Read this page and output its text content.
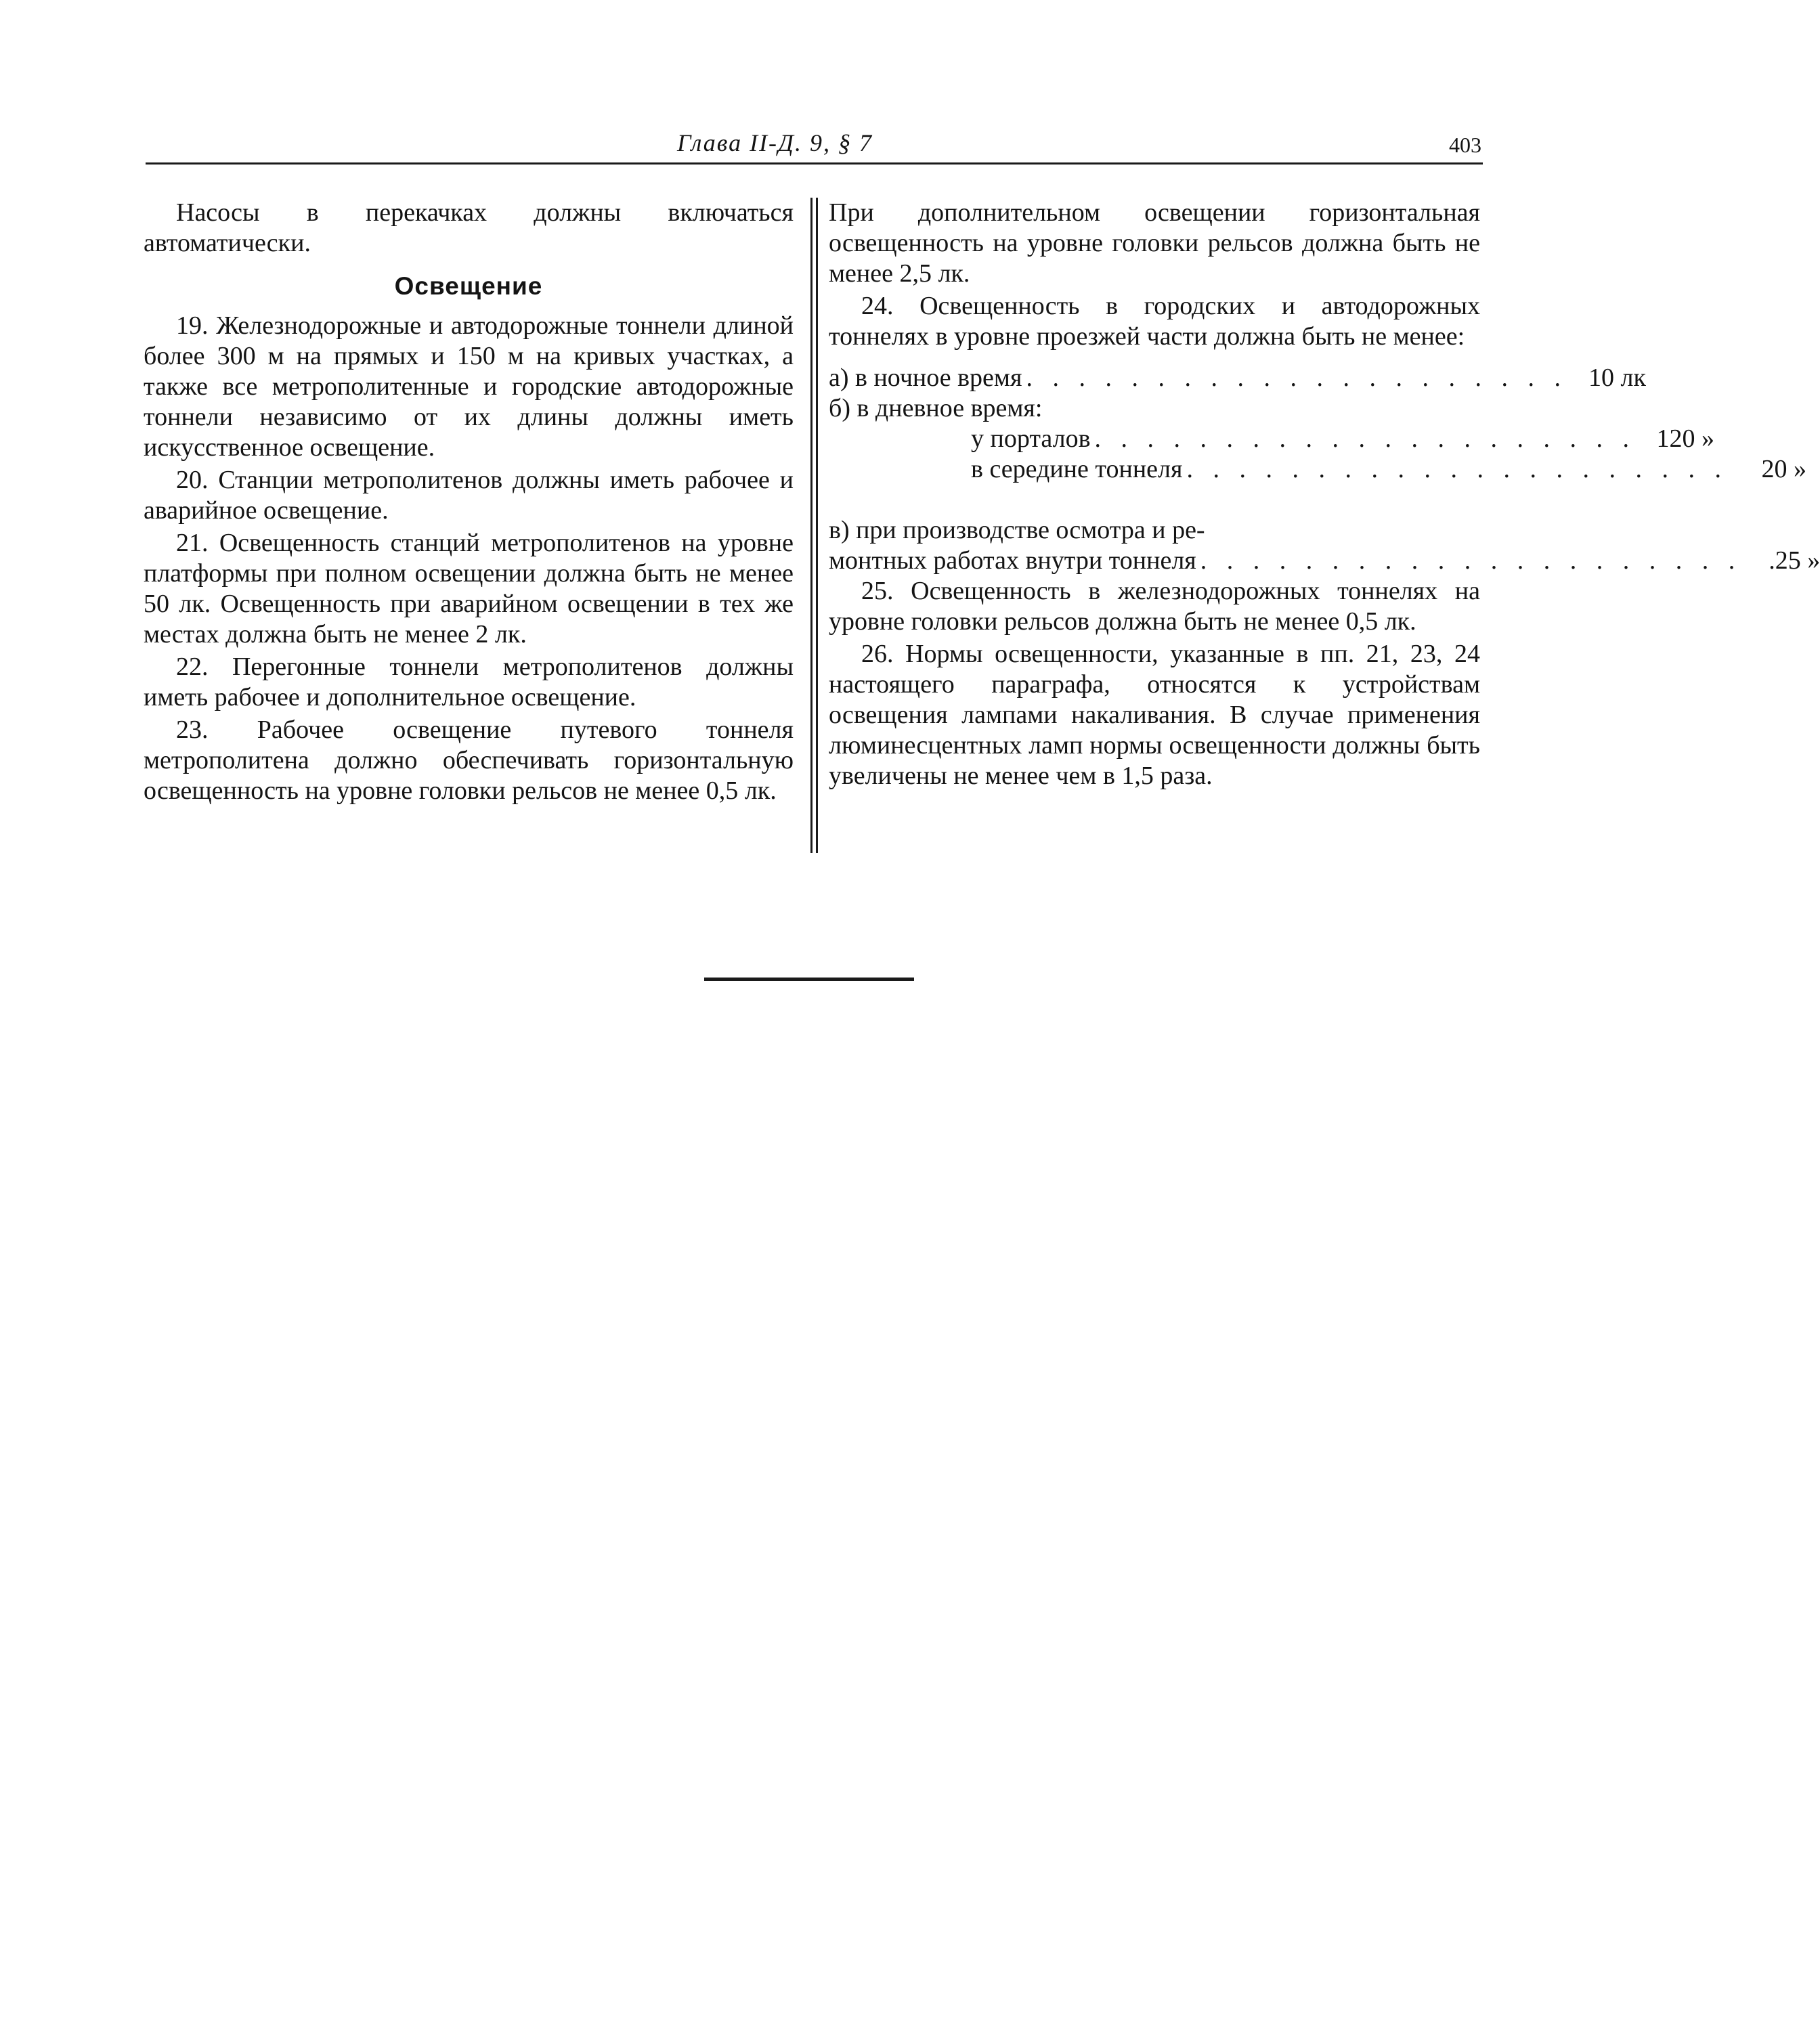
Глава II-Д. 9, § 7	403

Насосы в перекачках должны включаться автоматически.

Освещение

19. Железнодорожные и автодорожные тоннели длиной более 300 м на прямых и 150 м на кривых участках, а также все метрополитенные и городские автодорожные тоннели независимо от их длины должны иметь искусственное освещение.

20. Станции метрополитенов должны иметь рабочее и аварийное освещение.

21. Освещенность станций метрополитенов на уровне платформы при полном освещении должна быть не менее 50 лк. Освещенность при аварийном освещении в тех же местах должна быть не менее 2 лк.

22. Перегонные тоннели метрополитенов должны иметь рабочее и дополнительное освещение.

23. Рабочее освещение путевого тоннеля метрополитена должно обеспечивать горизонтальную освещенность на уровне головки рельсов не менее 0,5 лк.

При дополнительном освещении горизонтальная освещенность на уровне головки рельсов должна быть не менее 2,5 лк.

24. Освещенность в городских и автодорожных тоннелях в уровне проезжей части должна быть не менее:

а) в ночное время . . . . . . . . . . . . . . . . . . . . . 10 лк
б) в дневное время:
у порталов . . . . . . . . . . . . . . . . . . . . . 120 »
в середине тоннеля . . . . . . . . . . . . . . . . . . . . .	20 »
в) при производстве осмотра и ре-
монтных работах внутри тоннеля . . . . . . . . . . . . . . . . . . . . .	.25 »

25. Освещенность в железнодорожных тоннелях на уровне головки рельсов должна быть не менее 0,5 лк.

26. Нормы освещенности, указанные в пп. 21, 23, 24 настоящего параграфа, относятся к устройствам освещения лампами накаливания. В случае применения люминесцентных ламп нормы освещенности должны быть увеличены не менее чем в 1,5 раза.
